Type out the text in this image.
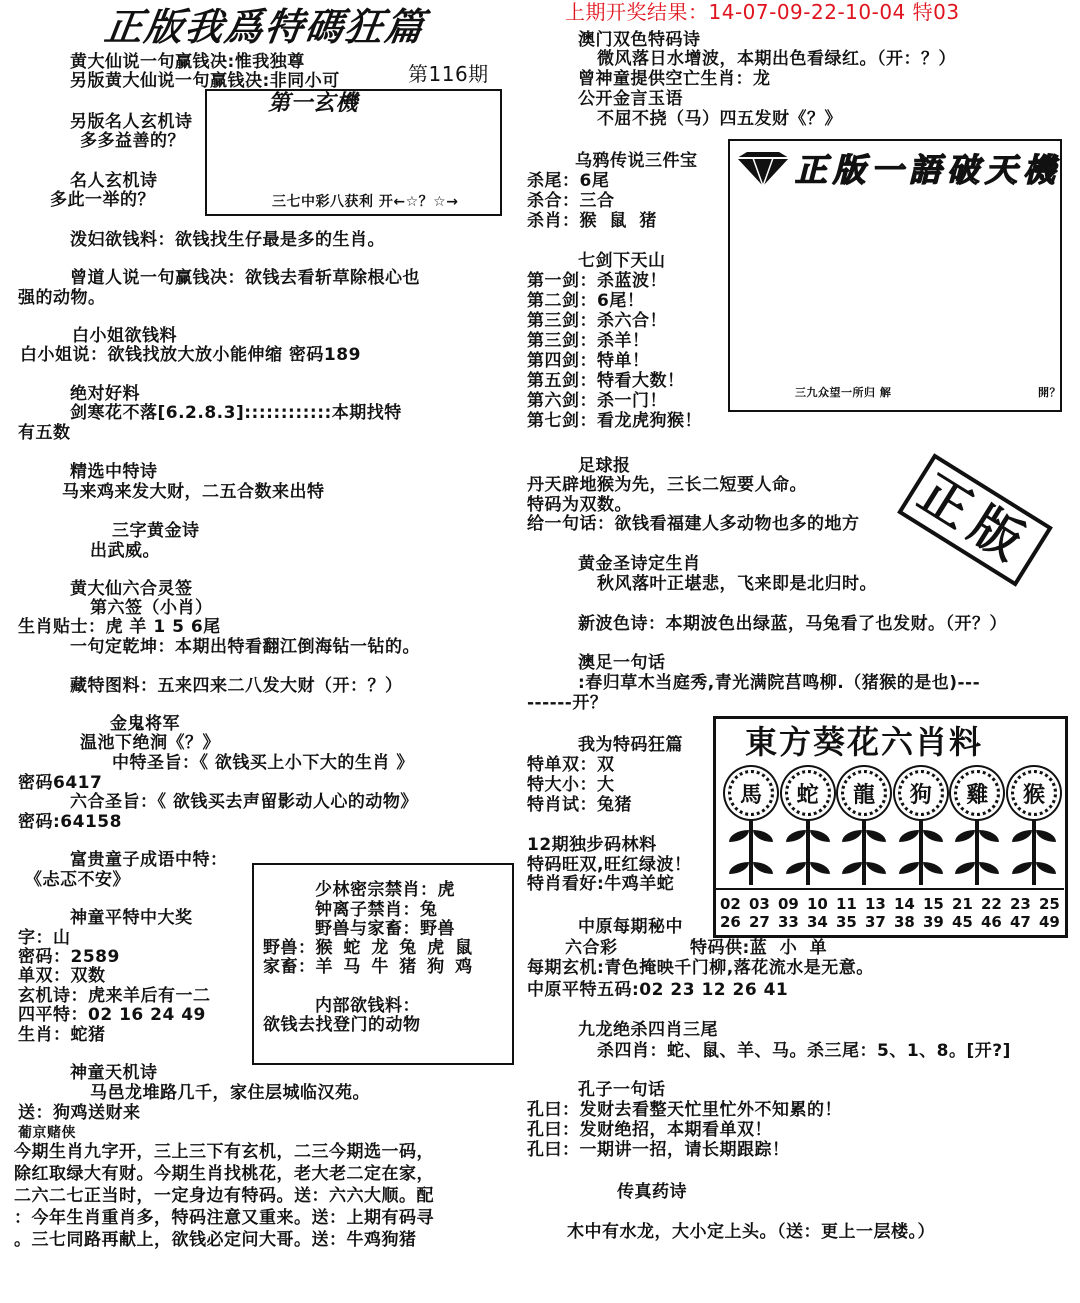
正版我爲特碼狂篇
黄大仙说一句赢钱决:惟我独尊
另版黄大仙说一句赢钱决:非同小可	第116期
第一玄機
三七中彩八获利 开←☆？☆→
另版名人玄机诗
多多益善的？
名人玄机诗
多此一举的？
泼妇欲钱料：欲钱找生仔最是多的生肖。
曾道人说一句赢钱决：欲钱去看斩草除根心也
强的动物。
白小姐欲钱料
白小姐说：欲钱找放大放小能伸缩 密码189
绝对好料
剑寒花不落[6.2.8.3]::::::::::::本期找特
有五数
精选中特诗
马来鸡来发大财，二五合数来出特
三字黄金诗
出武威。
黄大仙六合灵签
第六签（小肖）
生肖贴士：虎 羊 1 5 6尾
一句定乾坤：本期出特看翻江倒海钻一钻的。
藏特图料：五来四来二八发大财（开：？）
金鬼将军
温池下绝涧《？》
中特圣旨：《 欲钱买上小下大的生肖 》
密码6417
六合圣旨：《 欲钱买去声留影动人心的动物》
密码:64158
富贵童子成语中特：
《忐忑不安》
神童平特中大奖
字：山
密码：2589
单双：双数
玄机诗：虎来羊后有一二
四平特：02 16 24 49
生肖：蛇猪
少林密宗禁肖：虎
钟离子禁肖：兔
野兽与家畜：野兽
野兽：猴 蛇 龙 兔 虎 鼠
家畜：羊 马 牛 猪 狗 鸡
内部欲钱料：
欲钱去找登门的动物
神童天机诗
马邑龙堆路几千，家住层城临汉苑。
送：狗鸡送财来
葡京赌侠
今期生肖九字开，三上三下有玄机，二三今期选一码，
除红取绿大有财。今期生肖找桃花，老大老二定在家，
二六二七正当时，一定身边有特码。送：六六大顺。配
：今年生肖重肖多，特码注意又重来。送：上期有码寻
。三七同路再献上，欲钱必定问大哥。送：牛鸡狗猪
上期开奖结果：14-07-09-22-10-04 特03
澳门双色特码诗
微风落日水增波，本期出色看绿红。（开：？）
曾神童提供空亡生肖：龙
公开金言玉语
不屈不挠（马）四五发财《？》
乌鸦传说三件宝
杀尾：6尾
杀合：三合
杀肖：猴 鼠 猪
正版一語破天機
三九众望一所归 解	開？
七剑下天山
第一剑：杀蓝波！
第二剑：6尾！
第三剑：杀六合！
第三剑：杀羊！
第四剑：特单！
第五剑：特看大数！
第六剑：杀一门！
第七剑：看龙虎狗猴！
足球报
丹天辟地猴为先，三长二短要人命。
特码为双数。
给一句话：欲钱看福建人多动物也多的地方 正版
黄金圣诗定生肖
秋风落叶正堪悲，飞来即是北归时。
新波色诗：本期波色出绿蓝，马兔看了也发财。（开？）
澳足一句话
:春归草木当庭秀,青光满院莒鸣柳.（猪猴的是也)---
------开？
我为特码狂篇
特单双：双
特大小：大
特肖试：兔猪
12期独步码林料
特码旺双,旺红绿波！
特肖看好:牛鸡羊蛇
東方葵花六肖料
馬	蛇	龍	狗	雞	猴
02 03 09 10 11 13 14 15 21 22 23 25
26 27 33 34 35 37 38 39 45 46 47 49
中原每期秘中
六合彩	特码供:蓝 小 单
每期玄机:青色掩映千门柳,落花流水是无意。
中原平特五码:02 23 12 26 41
九龙绝杀四肖三尾
杀四肖：蛇、鼠、羊、马。杀三尾：5、1、8。[开?]
孔子一句话
孔曰：发财去看整天忙里忙外不知累的！
孔曰：发财绝招，本期看单双！
孔曰：一期讲一招，请长期跟踪！
传真药诗
木中有水龙，大小定上头。（送：更上一层楼。）
